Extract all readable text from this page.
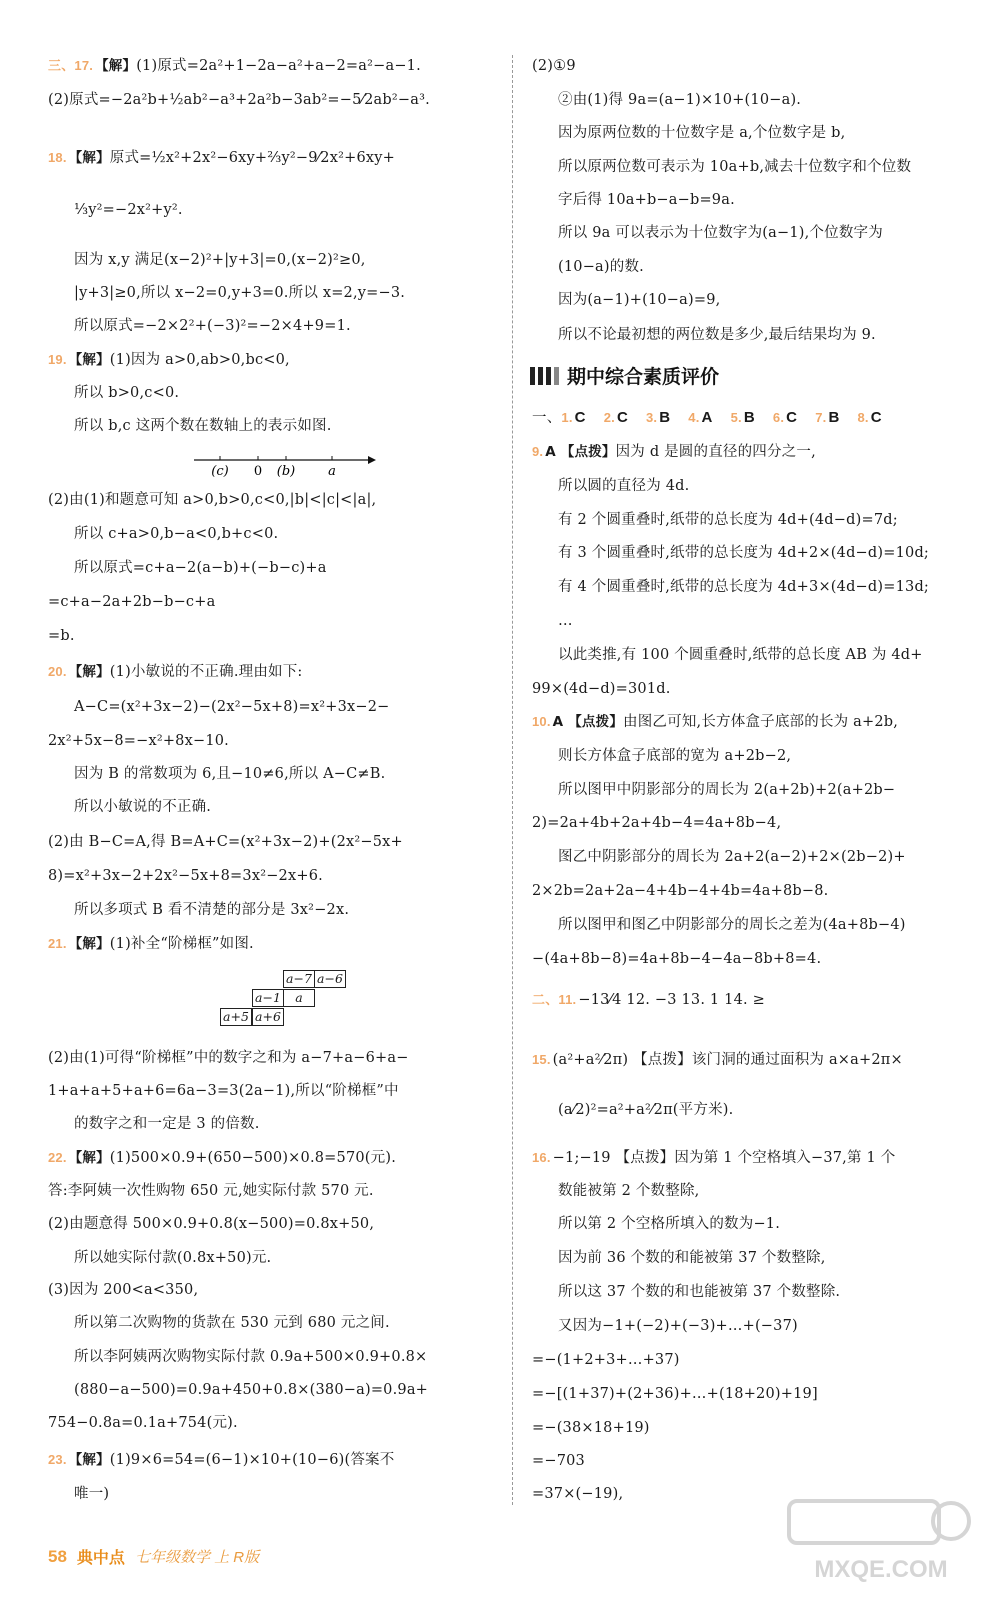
三、17. 【解】(1)原式=2a²+1−2a−a²+a−2=a²−a−1.
(2)原式=−2a²b+½ab²−a³+2a²b−3ab²=−5⁄2ab²−a³.
18. 【解】原式=½x²+2x²−6xy+⅔y²−9⁄2x²+6xy+
⅓y²=−2x²+y².
因为 x,y 满足(x−2)²+|y+3|=0,(x−2)²≥0,
|y+3|≥0,所以 x−2=0,y+3=0.所以 x=2,y=−3.
所以原式=−2×2²+(−3)²=−2×4+9=1.
19. 【解】(1)因为 a>0,ab>0,bc<0,
所以 b>0,c<0.
所以 b,c 这两个数在数轴上的表示如图.
(2)由(1)和题意可知 a>0,b>0,c<0,|b|<|c|<|a|,
所以 c+a>0,b−a<0,b+c<0.
所以原式=c+a−2(a−b)+(−b−c)+a
=c+a−2a+2b−b−c+a
=b.
20. 【解】(1)小敏说的不正确.理由如下:
A−C=(x²+3x−2)−(2x²−5x+8)=x²+3x−2−
2x²+5x−8=−x²+8x−10.
因为 B 的常数项为 6,且−10≠6,所以 A−C≠B.
所以小敏说的不正确.
(2)由 B−C=A,得 B=A+C=(x²+3x−2)+(2x²−5x+
8)=x²+3x−2+2x²−5x+8=3x²−2x+6.
所以多项式 B 看不清楚的部分是 3x²−2x.
21. 【解】(1)补全“阶梯框”如图.
(2)由(1)可得“阶梯框”中的数字之和为 a−7+a−6+a−
1+a+a+5+a+6=6a−3=3(2a−1),所以“阶梯框”中
的数字之和一定是 3 的倍数.
22. 【解】(1)500×0.9+(650−500)×0.8=570(元).
答:李阿姨一次性购物 650 元,她实际付款 570 元.
(2)由题意得 500×0.9+0.8(x−500)=0.8x+50,
所以她实际付款(0.8x+50)元.
(3)因为 200<a<350,
所以第二次购物的货款在 530 元到 680 元之间.
所以李阿姨两次购物实际付款 0.9a+500×0.9+0.8×
(880−a−500)=0.9a+450+0.8×(380−a)=0.9a+
754−0.8a=0.1a+754(元).
23. 【解】(1)9×6=54=(6−1)×10+(10−6)(答案不
唯一)
(2)①9
②由(1)得 9a=(a−1)×10+(10−a).
因为原两位数的十位数字是 a,个位数字是 b,
所以原两位数可表示为 10a+b,减去十位数字和个位数
字后得 10a+b−a−b=9a.
所以 9a 可以表示为十位数字为(a−1),个位数字为
(10−a)的数.
因为(a−1)+(10−a)=9,
所以不论最初想的两位数是多少,最后结果均为 9.
9. A 【点拨】因为 d 是圆的直径的四分之一,
所以圆的直径为 4d.
有 2 个圆重叠时,纸带的总长度为 4d+(4d−d)=7d;
有 3 个圆重叠时,纸带的总长度为 4d+2×(4d−d)=10d;
有 4 个圆重叠时,纸带的总长度为 4d+3×(4d−d)=13d;
…
以此类推,有 100 个圆重叠时,纸带的总长度 AB 为 4d+
99×(4d−d)=301d.
10. A 【点拨】由图乙可知,长方体盒子底部的长为 a+2b,
则长方体盒子底部的宽为 a+2b−2,
所以图甲中阴影部分的周长为 2(a+2b)+2(a+2b−
2)=2a+4b+2a+4b−4=4a+8b−4,
图乙中阴影部分的周长为 2a+2(a−2)+2×(2b−2)+
2×2b=2a+2a−4+4b−4+4b=4a+8b−8.
所以图甲和图乙中阴影部分的周长之差为(4a+8b−4)
−(4a+8b−8)=4a+8b−4−4a−8b+8=4.
二、11. −13⁄4 12. −3 13. 1 14. ≥
15. (a²+a²⁄2π) 【点拨】该门洞的通过面积为 a×a+2π×
(a⁄2)²=a²+a²⁄2π(平方米).
16. −1;−19 【点拨】因为第 1 个空格填入−37,第 1 个
数能被第 2 个数整除,
所以第 2 个空格所填入的数为−1.
因为前 36 个数的和能被第 37 个数整除,
所以这 37 个数的和也能被第 37 个数整除.
又因为−1+(−2)+(−3)+…+(−37)
=−(1+2+3+…+37)
=−[(1+37)+(2+36)+…+(18+20)+19]
=−(38×18+19)
=−703
=37×(−19),
期中综合素质评价
一、1. C 2. C 3. B 4. A 5. B 6. C 7. B 8. C
(c) 0 (b)	a
a−7 a−6
a−1	a
a+5 a+6
58 典中点 七年级数学 上 R版	MXQE.COM
